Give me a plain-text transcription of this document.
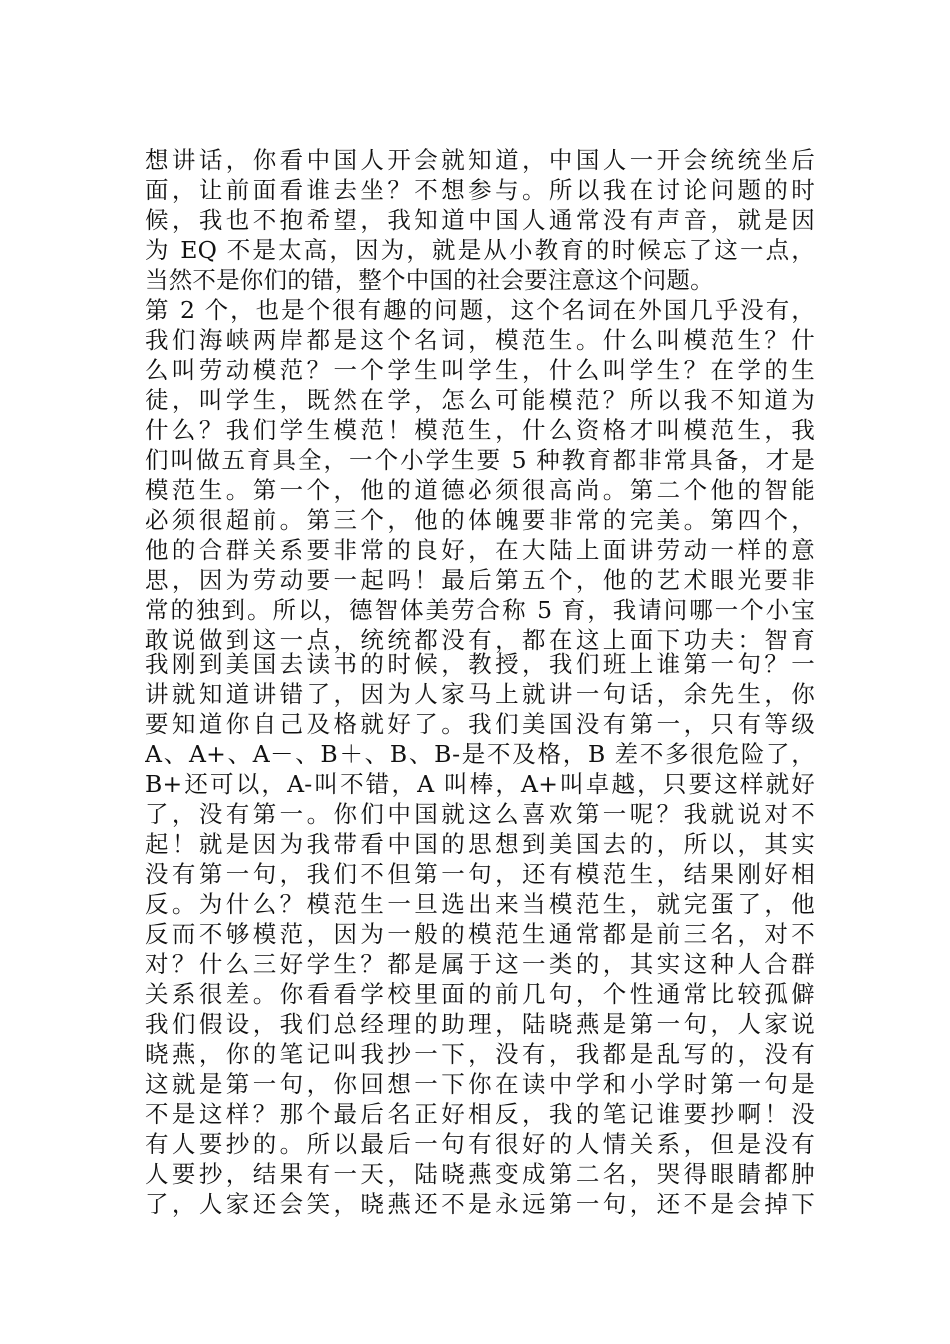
想讲话，你看中国人开会就知道，中国人一开会统统坐后
面，让前面看谁去坐？不想参与。所以我在讨论问题的时
候，我也不抱希望，我知道中国人通常没有声音，就是因
为 EQ 不是太高，因为，就是从小教育的时候忘了这一点，
当然不是你们的错，整个中国的社会要注意这个问题。
第 2 个，也是个很有趣的问题，这个名词在外国几乎没有，
我们海峡两岸都是这个名词，模范生。什么叫模范生？什
么叫劳动模范？一个学生叫学生，什么叫学生？在学的生
徒，叫学生，既然在学，怎么可能模范？所以我不知道为
什么？我们学生模范！模范生，什么资格才叫模范生，我
们叫做五育具全，一个小学生要 5 种教育都非常具备，才是
模范生。第一个，他的道德必须很高尚。第二个他的智能
必须很超前。第三个，他的体魄要非常的完美。第四个，
他的合群关系要非常的良好，在大陆上面讲劳动一样的意
思，因为劳动要一起吗！最后第五个，他的艺术眼光要非
常的独到。所以，德智体美劳合称 5 育，我请问哪一个小宝
敢说做到这一点，统统都没有，都在这上面下功夫：智育
我刚到美国去读书的时候，教授，我们班上谁第一句？一
讲就知道讲错了，因为人家马上就讲一句话，余先生，你
要知道你自己及格就好了。我们美国没有第一，只有等级
A、A+、A－、B＋、B、B-是不及格，B 差不多很危险了，
B+还可以，A-叫不错，A 叫棒，A+叫卓越，只要这样就好
了，没有第一。你们中国就这么喜欢第一呢？我就说对不
起！就是因为我带看中国的思想到美国去的，所以，其实
没有第一句，我们不但第一句，还有模范生，结果刚好相
反。为什么？模范生一旦选出来当模范生，就完蛋了，他
反而不够模范，因为一般的模范生通常都是前三名，对不
对？什么三好学生？都是属于这一类的，其实这种人合群
关系很差。你看看学校里面的前几句，个性通常比较孤僻
我们假设，我们总经理的助理，陆晓燕是第一句，人家说
晓燕，你的笔记叫我抄一下，没有，我都是乱写的，没有
这就是第一句，你回想一下你在读中学和小学时第一句是
不是这样？那个最后名正好相反，我的笔记谁要抄啊！没
有人要抄的。所以最后一句有很好的人情关系，但是没有
人要抄，结果有一天，陆晓燕变成第二名，哭得眼睛都肿
了，人家还会笑，晓燕还不是永远第一句，还不是会掉下
